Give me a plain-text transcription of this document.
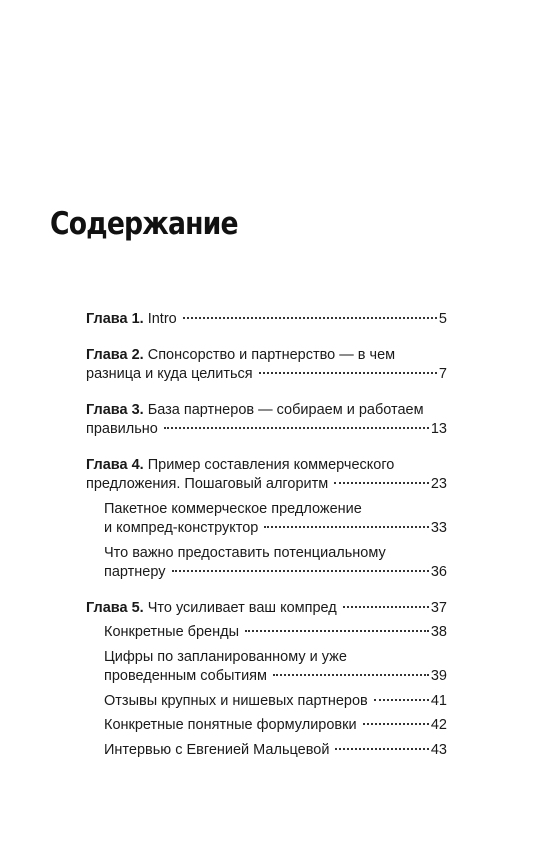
Содержание
Глава 1. Intro	5
Глава 2. Спонсорство и партнерство — в чем
разница и куда целиться	7
Глава 3. База партнеров — собираем и работаем
правильно	13
Глава 4. Пример составления коммерческого
предложения. Пошаговый алгоритм	23
Пакетное коммерческое предложение
и компред-конструктор	33
Что важно предоставить потенциальному
партнеру	36
Глава 5. Что усиливает ваш компред	37
Конкретные бренды	38
Цифры по запланированному и уже
проведенным событиям	39
Отзывы крупных и нишевых партнеров	41
Конкретные понятные формулировки	42
Интервью с Евгенией Мальцевой	43
